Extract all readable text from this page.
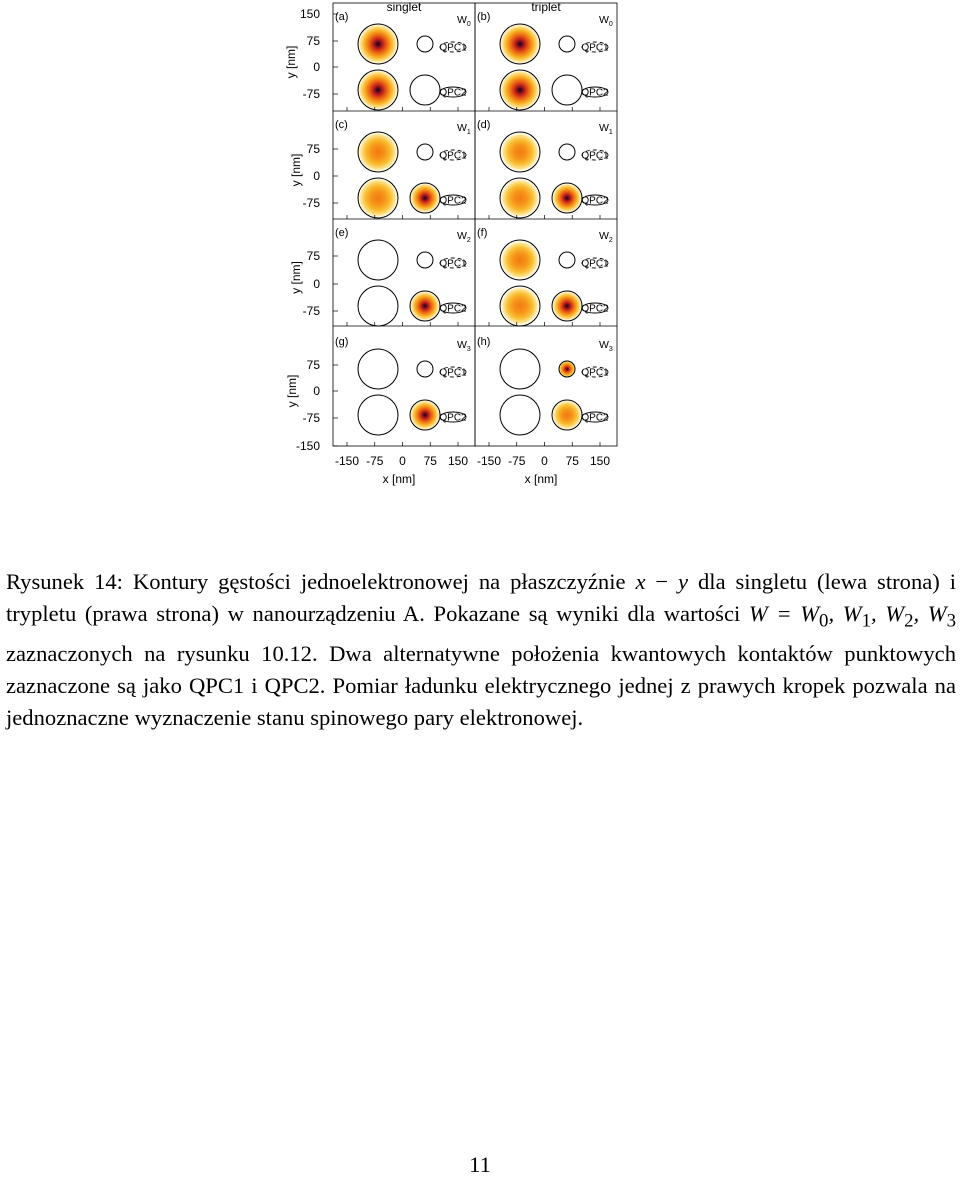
singlet	triplet
QPC1
QPC2
(a)	$W_0$
QPC1
QPC2
(b)	$W_0$
QPC1
QPC2
(c)	$W_1$
QPC1
QPC2
(d)	$W_1$
QPC1
QPC2
(e)	$W_2$
QPC1
QPC2
(f)	$W_2$
QPC1
QPC2
(g)	$W_3$
QPC1
QPC2
(h)	$W_3$
150
75
0
-75
y [nm]
75
0
-75
y [nm]
75
0
-75
y [nm]
75
0
-75
-150
y [nm]
-150 -75 0 75 150
x [nm]
-150 -75 0 75 150
x [nm]

Rysunek 14: Kontury gęstości jednoelektronowej na płaszczyźnie x − y dla singletu (lewa strona) i trypletu (prawa strona) w nanourządzeniu A. Pokazane są wyniki dla wartości $W = W_0$, $W_1$, $W_2$, $W_3$ zaznaczonych na rysunku 10.12. Dwa alternatywne położenia kwantowych kontaktów punktowych zaznaczone są jako QPC1 i QPC2. Pomiar ładunku elektrycznego jednej z prawych kropek pozwala na jednoznaczne wyznaczenie stanu spinowego pary elektronowej.

11
